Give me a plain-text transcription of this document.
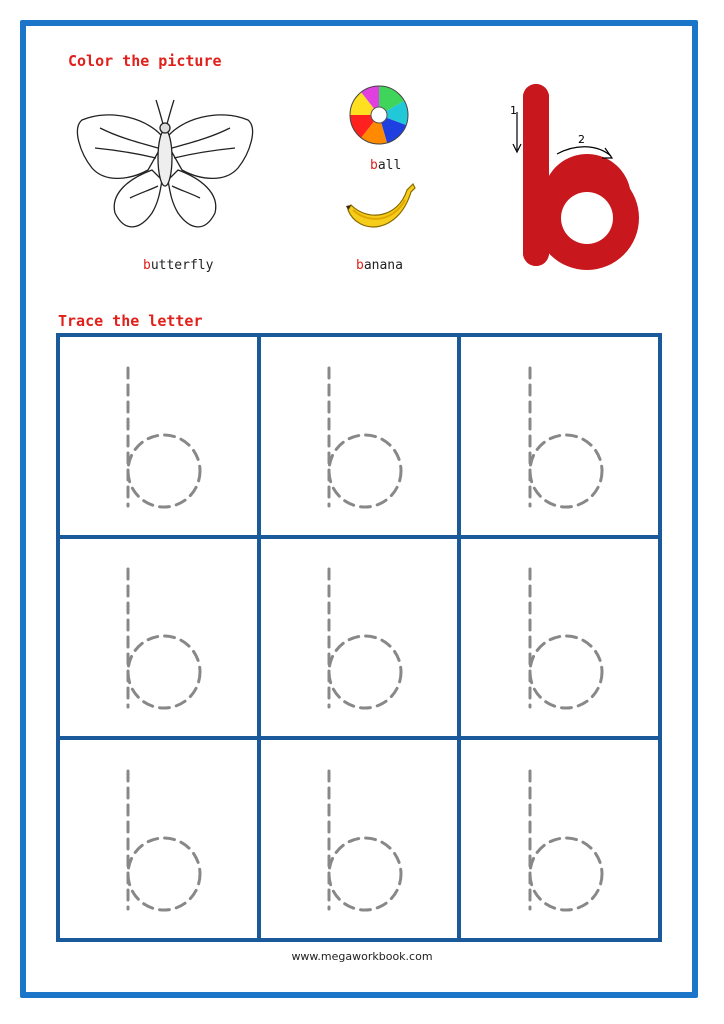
Color the picture
butterfly
ball
banana
1
2
Trace the letter
www.megaworkbook.com
